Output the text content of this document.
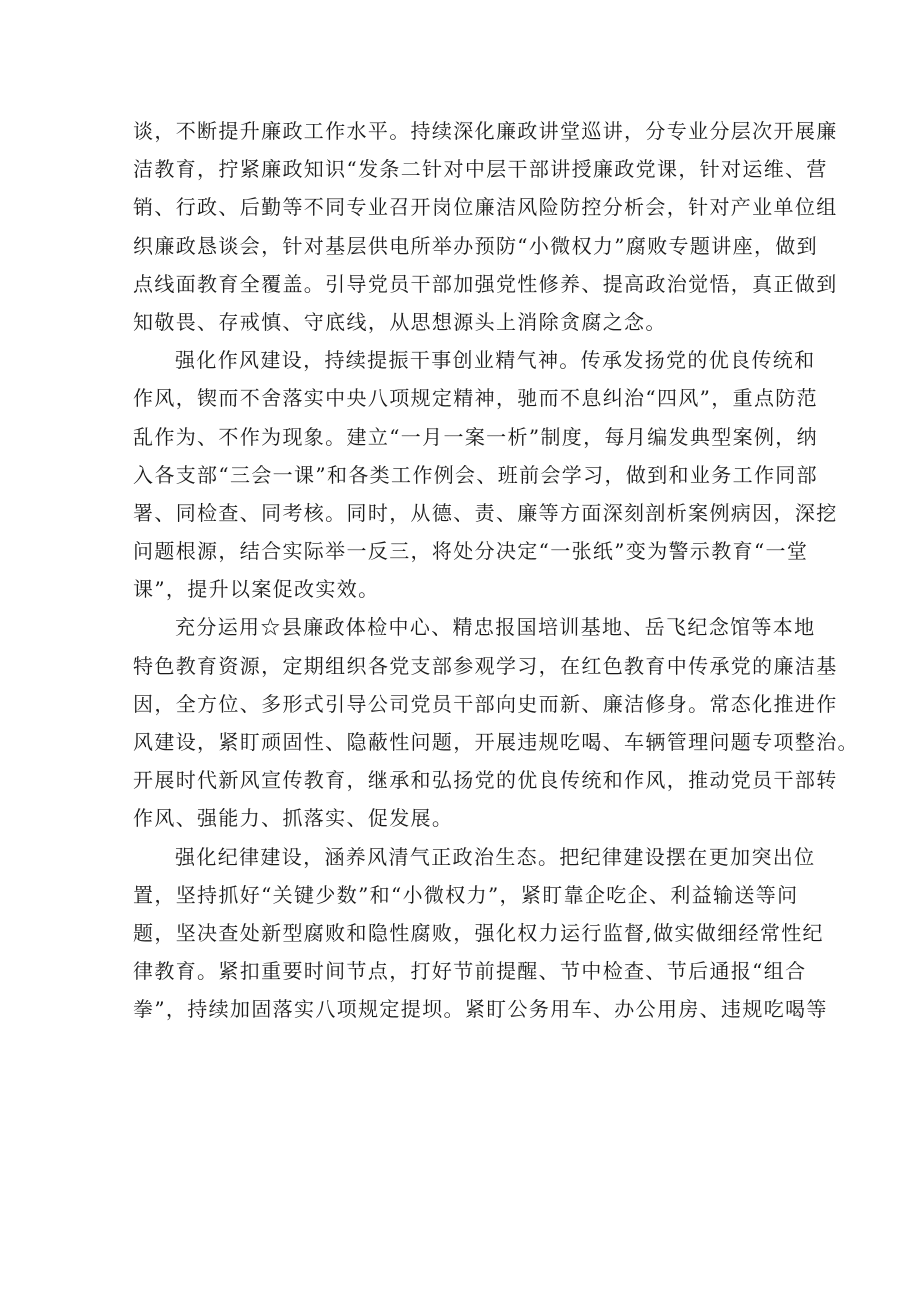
谈，不断提升廉政工作水平。持续深化廉政讲堂巡讲，分专业分层次开展廉
洁教育，拧紧廉政知识“发条二针对中层干部讲授廉政党课，针对运维、营
销、行政、后勤等不同专业召开岗位廉洁风险防控分析会，针对产业单位组
织廉政恳谈会，针对基层供电所举办预防“小微权力”腐败专题讲座，做到
点线面教育全覆盖。引导党员干部加强党性修养、提高政治觉悟，真正做到
知敬畏、存戒慎、守底线，从思想源头上消除贪腐之念。
强化作风建设，持续提振干事创业精气神。传承发扬党的优良传统和
作风，锲而不舍落实中央八项规定精神，驰而不息纠治“四风”，重点防范
乱作为、不作为现象。建立“一月一案一析”制度，每月编发典型案例，纳
入各支部“三会一课”和各类工作例会、班前会学习，做到和业务工作同部
署、同检查、同考核。同时，从德、责、廉等方面深刻剖析案例病因，深挖
问题根源，结合实际举一反三，将处分决定“一张纸”变为警示教育“一堂
课”，提升以案促改实效。
充分运用☆县廉政体检中心、精忠报国培训基地、岳飞纪念馆等本地
特色教育资源，定期组织各党支部参观学习，在红色教育中传承党的廉洁基
因，全方位、多形式引导公司党员干部向史而新、廉洁修身。常态化推进作
风建设，紧盯顽固性、隐蔽性问题，开展违规吃喝、车辆管理问题专项整治。
开展时代新风宣传教育，继承和弘扬党的优良传统和作风，推动党员干部转
作风、强能力、抓落实、促发展。
强化纪律建设，涵养风清气正政治生态。把纪律建设摆在更加突出位
置，坚持抓好“关键少数”和“小微权力”，紧盯靠企吃企、利益输送等问
题，坚决查处新型腐败和隐性腐败，强化权力运行监督,做实做细经常性纪
律教育。紧扣重要时间节点，打好节前提醒、节中检查、节后通报“组合
拳”，持续加固落实八项规定提坝。紧盯公务用车、办公用房、违规吃喝等
